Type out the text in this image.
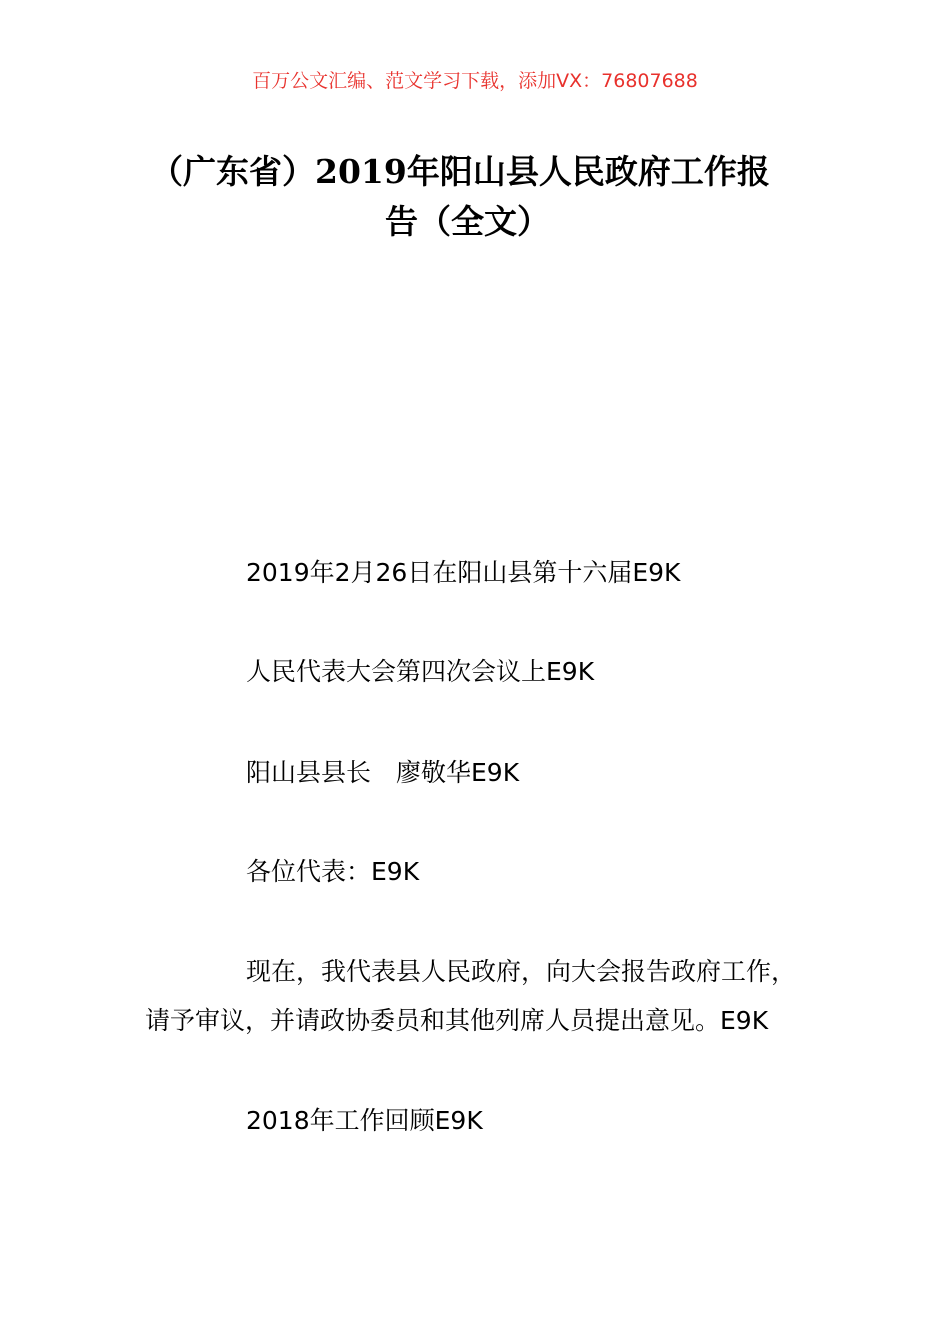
百万公文汇编、范文学习下载，添加VX：76807688
（广东省）2019年阳山县人民政府工作报
告（全文）
2019年2月26日在阳山县第十六届E9K
人民代表大会第四次会议上E9K
阳山县县长　廖敬华E9K
各位代表：E9K
现在，我代表县人民政府，向大会报告政府工作，
请予审议，并请政协委员和其他列席人员提出意见。E9K
2018年工作回顾E9K
